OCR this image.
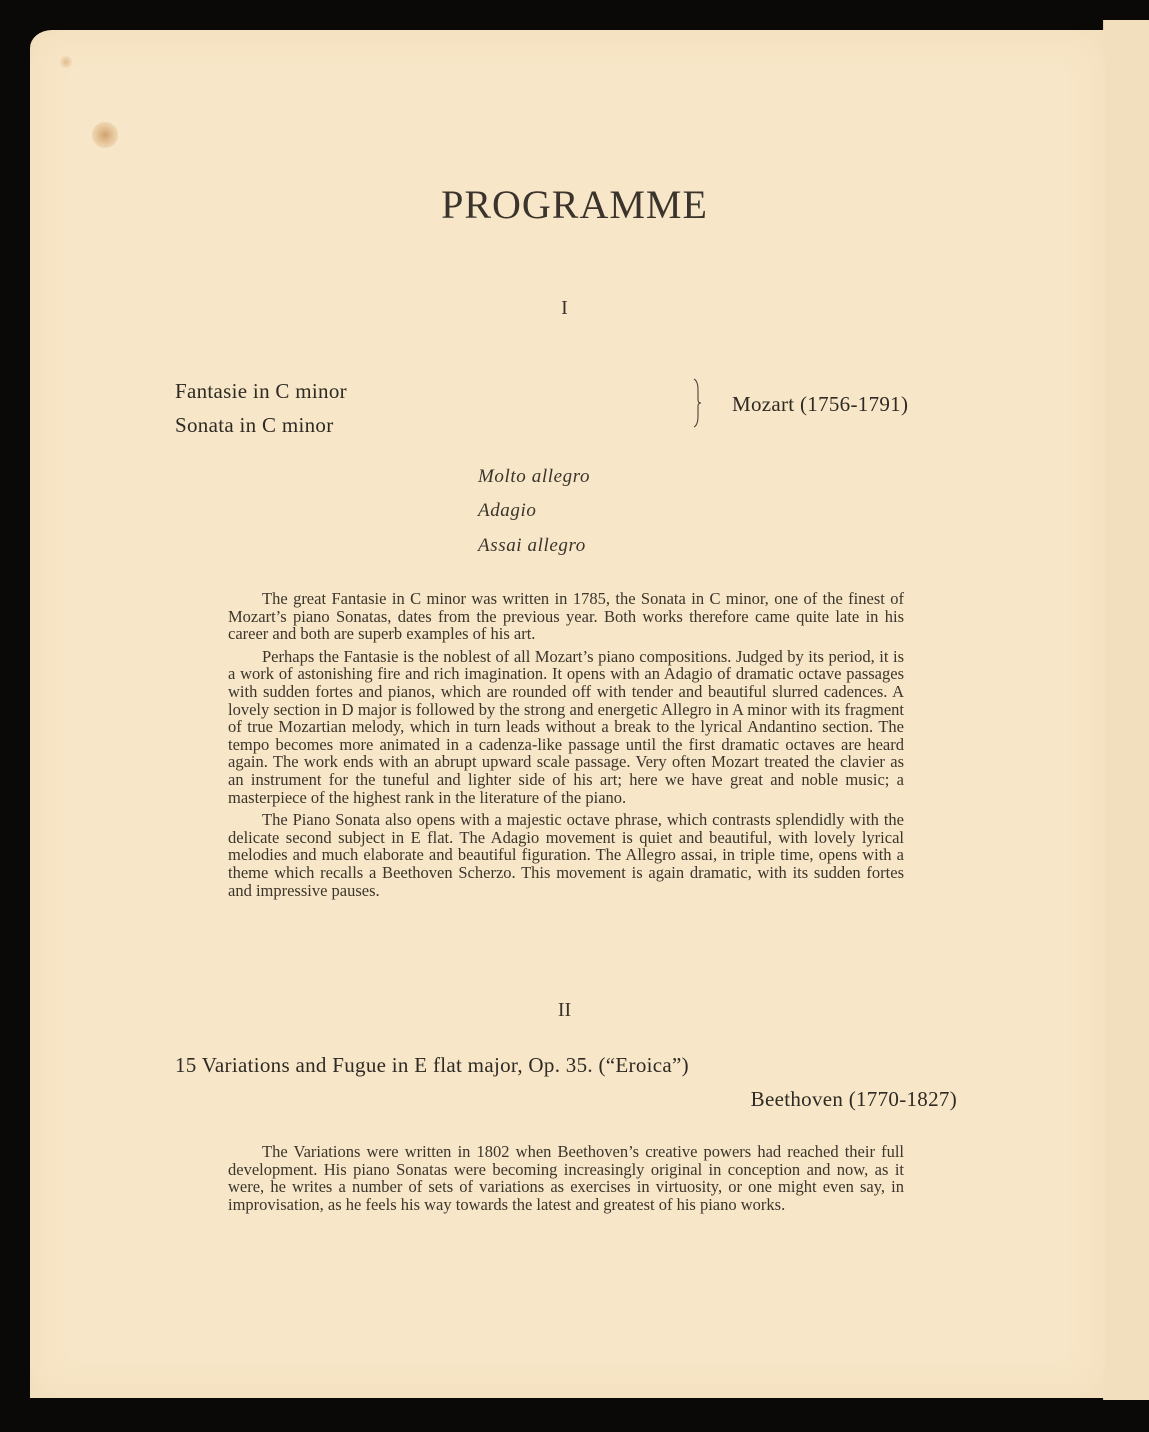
PROGRAMME
I
Fantasie in C minor
Sonata in C minor
Mozart (1756-1791)
Molto allegro
Adagio
Assai allegro

The great Fantasie in C minor was written in 1785, the Sonata in C minor, one of the finest of Mozart’s piano Sonatas, dates from the previous year. Both works therefore came quite late in his career and both are superb examples of his art.

Perhaps the Fantasie is the noblest of all Mozart’s piano compositions. Judged by its period, it is a work of astonishing fire and rich imagination. It opens with an Adagio of dramatic octave passages with sudden fortes and pianos, which are rounded off with tender and beautiful slurred cadences. A lovely section in D major is followed by the strong and energetic Allegro in A minor with its fragment of true Mozartian melody, which in turn leads without a break to the lyrical Andantino section. The tempo becomes more animated in a cadenza-like passage until the first dramatic octaves are heard again. The work ends with an abrupt upward scale passage. Very often Mozart treated the clavier as an instrument for the tuneful and lighter side of his art; here we have great and noble music; a masterpiece of the highest rank in the literature of the piano.

The Piano Sonata also opens with a majestic octave phrase, which contrasts splendidly with the delicate second subject in E flat. The Adagio movement is quiet and beautiful, with lovely lyrical melodies and much elaborate and beautiful figuration. The Allegro assai, in triple time, opens with a theme which recalls a Beethoven Scherzo. This movement is again dramatic, with its sudden fortes and impressive pauses.

II
15 Variations and Fugue in E flat major, Op. 35. (“Eroica”)
Beethoven (1770-1827)

The Variations were written in 1802 when Beethoven’s creative powers had reached their full development. His piano Sonatas were becoming increasingly original in conception and now, as it were, he writes a number of sets of variations as exercises in virtuosity, or one might even say, in improvisation, as he feels his way towards the latest and greatest of his piano works.
